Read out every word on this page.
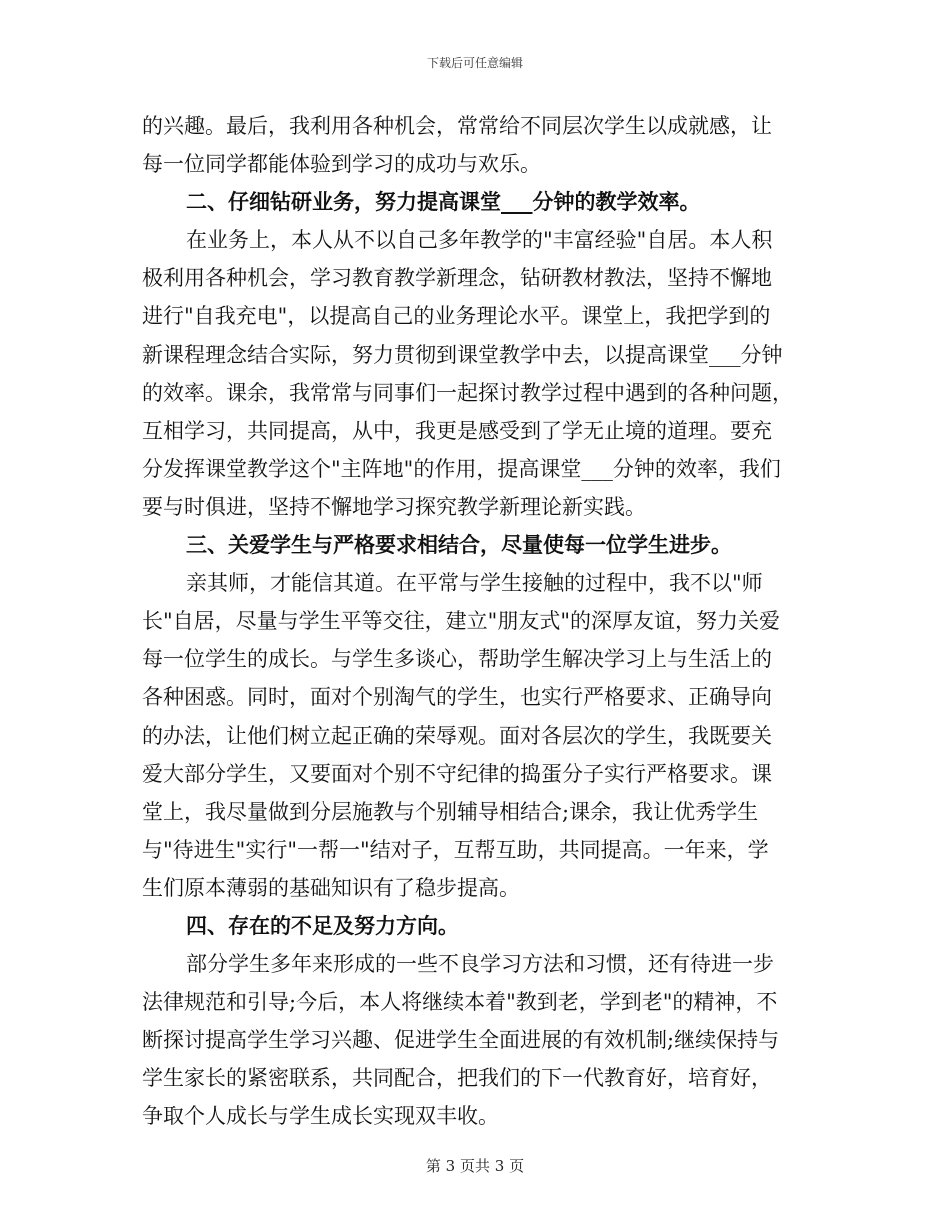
下载后可任意编辑

的兴趣。最后，我利用各种机会，常常给不同层次学生以成就感，让

每一位同学都能体验到学习的成功与欢乐。

二、仔细钻研业务，努力提高课堂___分钟的教学效率。

在业务上，本人从不以自己多年教学的"丰富经验"自居。本人积

极利用各种机会，学习教育教学新理念，钻研教材教法，坚持不懈地

进行"自我充电"，以提高自己的业务理论水平。课堂上，我把学到的

新课程理念结合实际，努力贯彻到课堂教学中去，以提高课堂___分钟

的效率。课余，我常常与同事们一起探讨教学过程中遇到的各种问题，

互相学习，共同提高，从中，我更是感受到了学无止境的道理。要充

分发挥课堂教学这个"主阵地"的作用，提高课堂___分钟的效率，我们

要与时俱进，坚持不懈地学习探究教学新理论新实践。

三、关爱学生与严格要求相结合，尽量使每一位学生进步。

亲其师，才能信其道。在平常与学生接触的过程中，我不以"师

长"自居，尽量与学生平等交往，建立"朋友式"的深厚友谊，努力关爱

每一位学生的成长。与学生多谈心，帮助学生解决学习上与生活上的

各种困惑。同时，面对个别淘气的学生，也实行严格要求、正确导向

的办法，让他们树立起正确的荣辱观。面对各层次的学生，我既要关

爱大部分学生，又要面对个别不守纪律的捣蛋分子实行严格要求。课

堂上，我尽量做到分层施教与个别辅导相结合;课余，我让优秀学生

与"待进生"实行"一帮一"结对子，互帮互助，共同提高。一年来，学

生们原本薄弱的基础知识有了稳步提高。

四、存在的不足及努力方向。

部分学生多年来形成的一些不良学习方法和习惯，还有待进一步

法律规范和引导;今后，本人将继续本着"教到老，学到老"的精神，不

断探讨提高学生学习兴趣、促进学生全面进展的有效机制;继续保持与

学生家长的紧密联系，共同配合，把我们的下一代教育好，培育好，

争取个人成长与学生成长实现双丰收。

第 3 页共 3 页
